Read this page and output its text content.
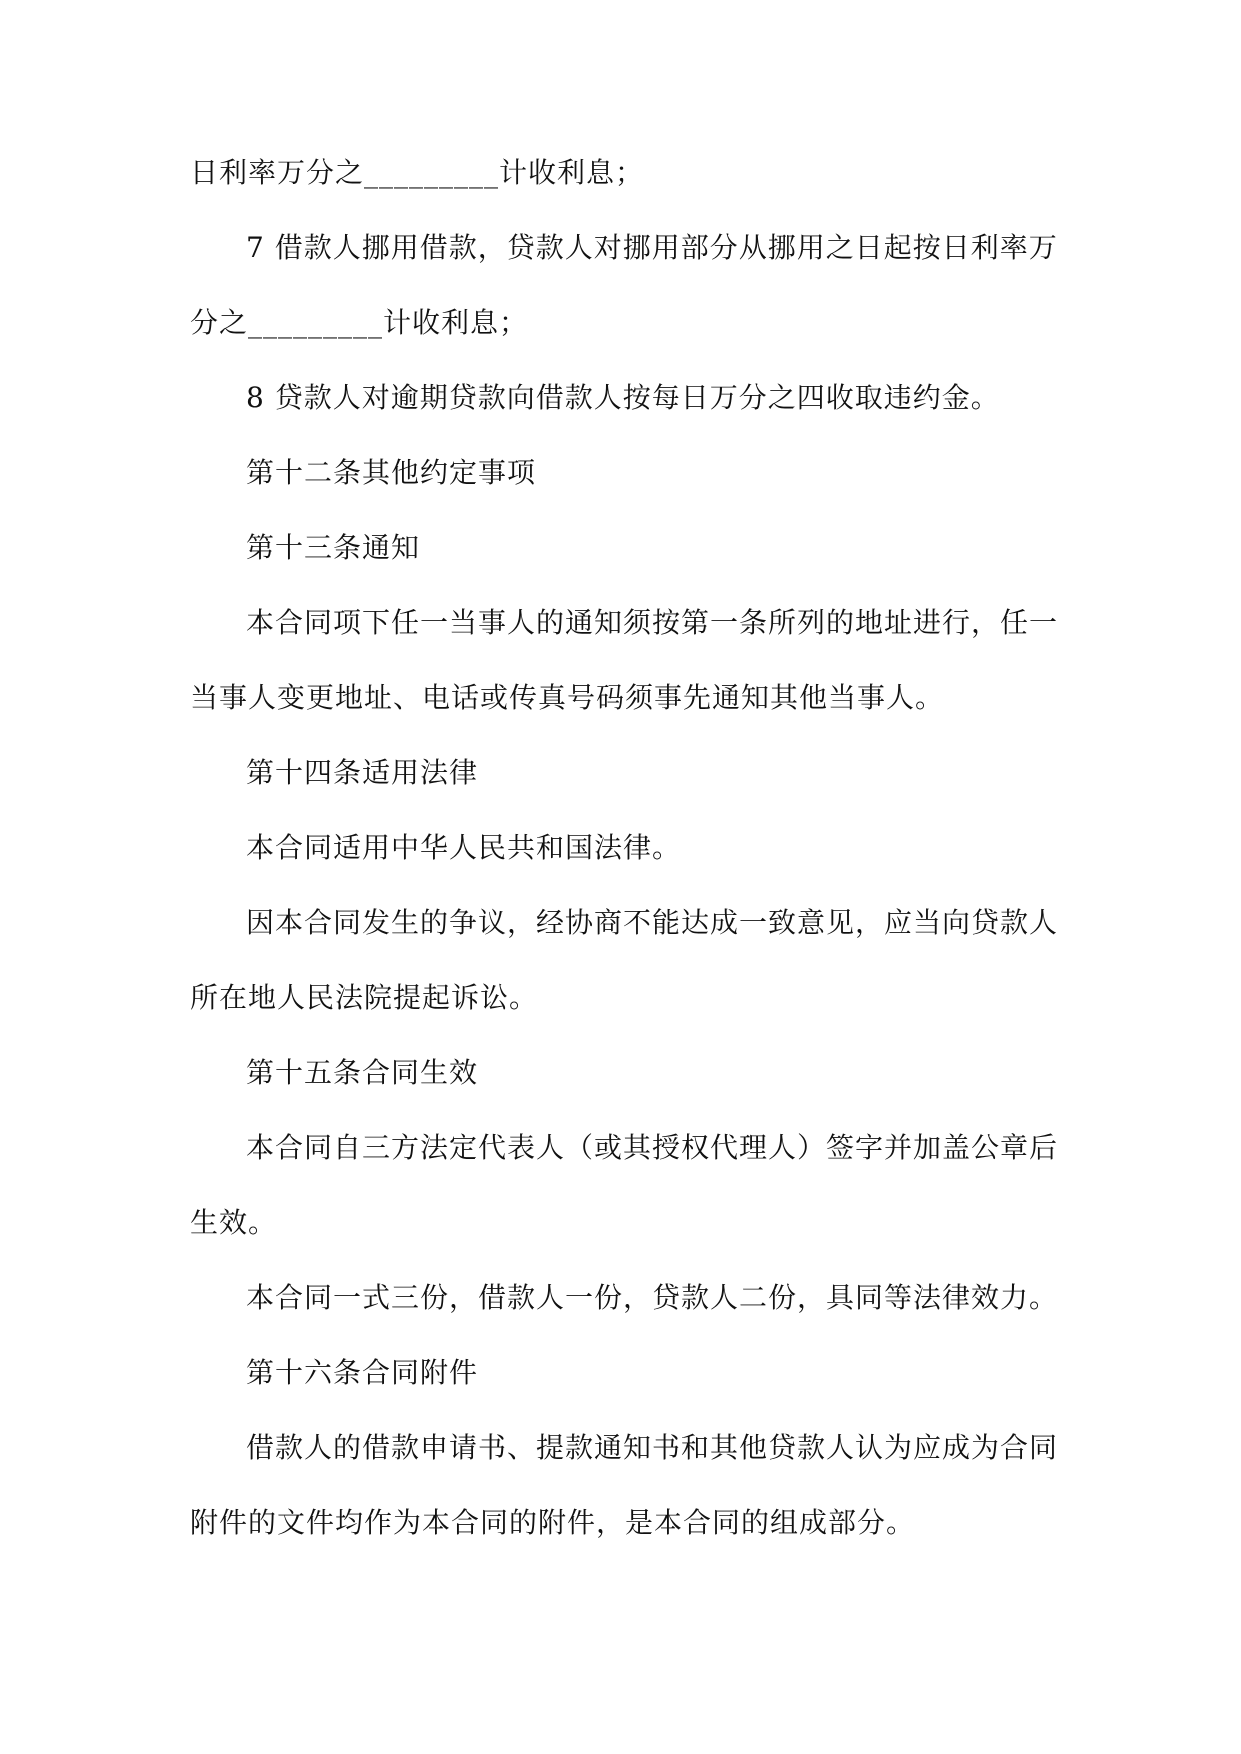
日利率万分之_________计收利息；
7 借款人挪用借款，贷款人对挪用部分从挪用之日起按日利率万
分之_________计收利息；
8 贷款人对逾期贷款向借款人按每日万分之四收取违约金。
第十二条其他约定事项
第十三条通知
本合同项下任一当事人的通知须按第一条所列的地址进行，任一
当事人变更地址、电话或传真号码须事先通知其他当事人。
第十四条适用法律
本合同适用中华人民共和国法律。
因本合同发生的争议，经协商不能达成一致意见，应当向贷款人
所在地人民法院提起诉讼。
第十五条合同生效
本合同自三方法定代表人（或其授权代理人）签字并加盖公章后
生效。
本合同一式三份，借款人一份，贷款人二份，具同等法律效力。
第十六条合同附件
借款人的借款申请书、提款通知书和其他贷款人认为应成为合同
附件的文件均作为本合同的附件，是本合同的组成部分。
